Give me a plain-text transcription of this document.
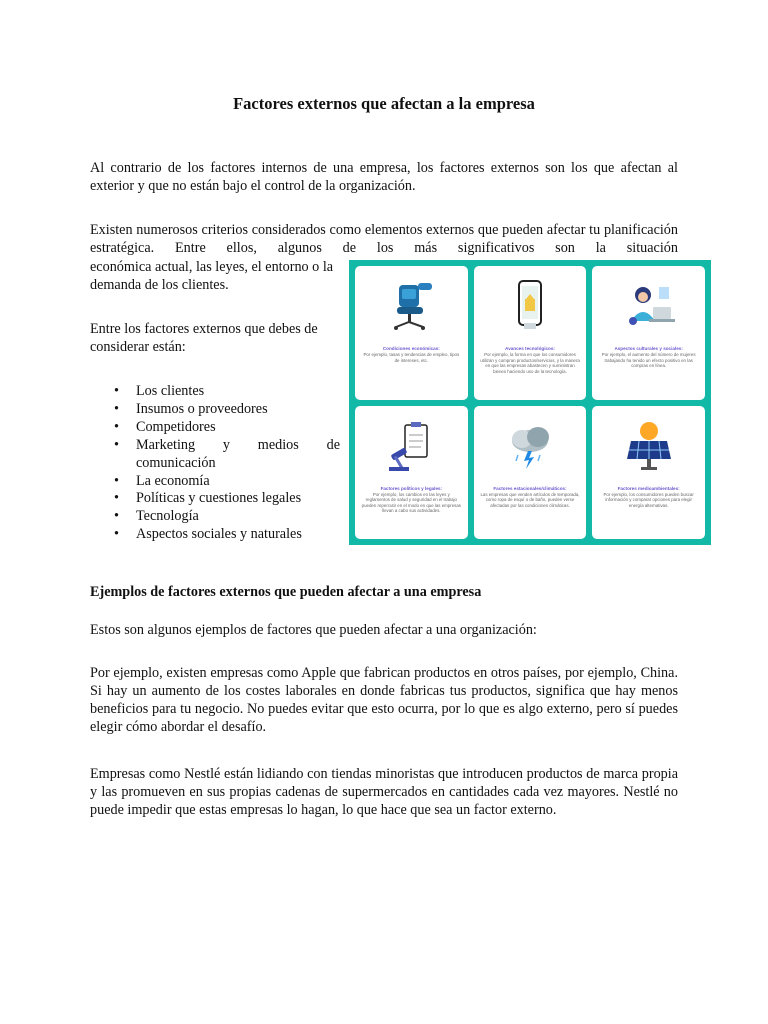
Factores externos que afectan a la empresa

Al contrario de los factores internos de una empresa, los factores externos son los que afectan al exterior y que no están bajo el control de la organización.

Existen numerosos criterios considerados como elementos externos que pueden afectar tu planificación estratégica. Entre ellos, algunos de los más significativos son la situación

económica actual, las leyes, el entorno o la demanda de los clientes.

Entre los factores externos que debes de considerar están:

• Los clientes
• Insumos o proveedores
• Competidores
• Marketing y medios de comunicación
• La economía
• Políticas y cuestiones legales
• Tecnología
• Aspectos sociales y naturales
Condiciones económicas:
Por ejemplo, tasas y tendencias de empleo, tipos de intereses, etc.
Avances tecnológicos:
Por ejemplo, la forma en que los consumidores utilizan y compran productos/servicios, y la manera en que las empresas abastecen y suministran bienes haciendo uso de la tecnología.
Aspectos culturales y sociales:
Por ejemplo, el aumento del número de mujeres trabajando ha tenido un efecto positivo en las compras en línea.
Factores políticos y legales:
Por ejemplo, los cambios en las leyes y reglamentos de salud y seguridad en el trabajo pueden repercutir en el modo en que las empresas llevan a cabo sus actividades.
Factores estacionales/climáticos:
Las empresas que venden artículos de temporada, como ropa de esquí o de baño, pueden verse afectadas por las condiciones climáticas.
Factores medioambientales:
Por ejemplo, los consumidores pueden buscar información y comparar opciones para elegir energía alternativas.
Ejemplos de factores externos que pueden afectar a una empresa

Estos son algunos ejemplos de factores que pueden afectar a una organización:

Por ejemplo, existen empresas como Apple que fabrican productos en otros países, por ejemplo, China. Si hay un aumento de los costes laborales en donde fabricas tus productos, significa que hay menos beneficios para tu negocio. No puedes evitar que esto ocurra, por lo que es algo externo, pero sí puedes elegir cómo abordar el desafío.

Empresas como Nestlé están lidiando con tiendas minoristas que introducen productos de marca propia y las promueven en sus propias cadenas de supermercados en cantidades cada vez mayores. Nestlé no puede impedir que estas empresas lo hagan, lo que hace que sea un factor externo.
